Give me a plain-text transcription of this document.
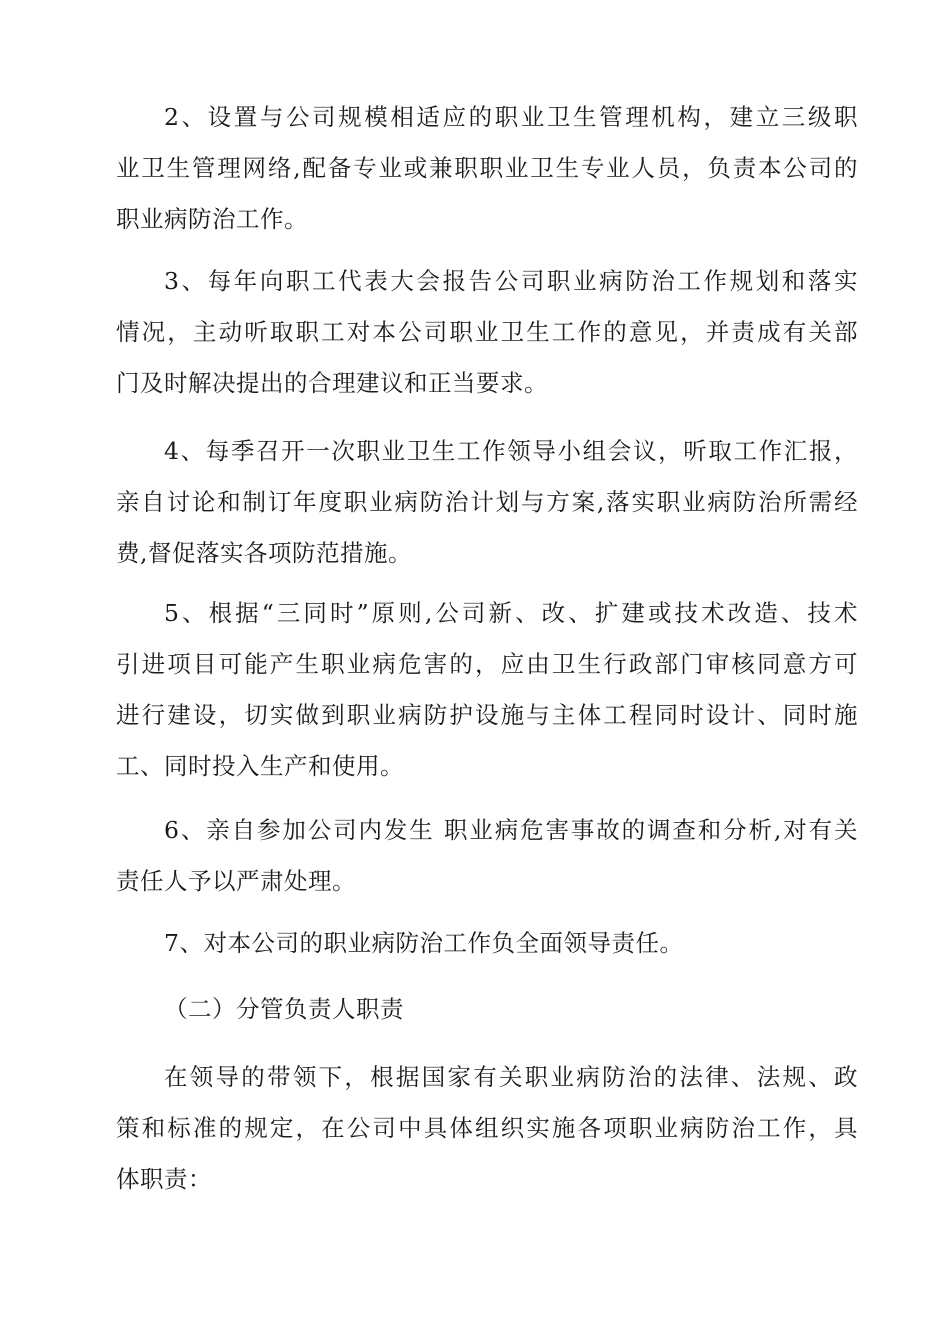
2、设置与公司规模相适应的职业卫生管理机构，建立三级职
业卫生管理网络,配备专业或兼职职业卫生专业人员，负责本公司的
职业病防治工作。
3、每年向职工代表大会报告公司职业病防治工作规划和落实
情况，主动听取职工对本公司职业卫生工作的意见，并责成有关部
门及时解决提出的合理建议和正当要求。
4、每季召开一次职业卫生工作领导小组会议，听取工作汇报，
亲自讨论和制订年度职业病防治计划与方案,落实职业病防治所需经
费,督促落实各项防范措施。
5、根据“三同时”原则,公司新、改、扩建或技术改造、技术
引进项目可能产生职业病危害的，应由卫生行政部门审核同意方可
进行建设，切实做到职业病防护设施与主体工程同时设计、同时施
工、同时投入生产和使用。
6、亲自参加公司内发生 职业病危害事故的调查和分析,对有关
责任人予以严肃处理。
7、对本公司的职业病防治工作负全面领导责任。
（二）分管负责人职责
在领导的带领下，根据国家有关职业病防治的法律、法规、政
策和标准的规定，在公司中具体组织实施各项职业病防治工作，具
体职责：
